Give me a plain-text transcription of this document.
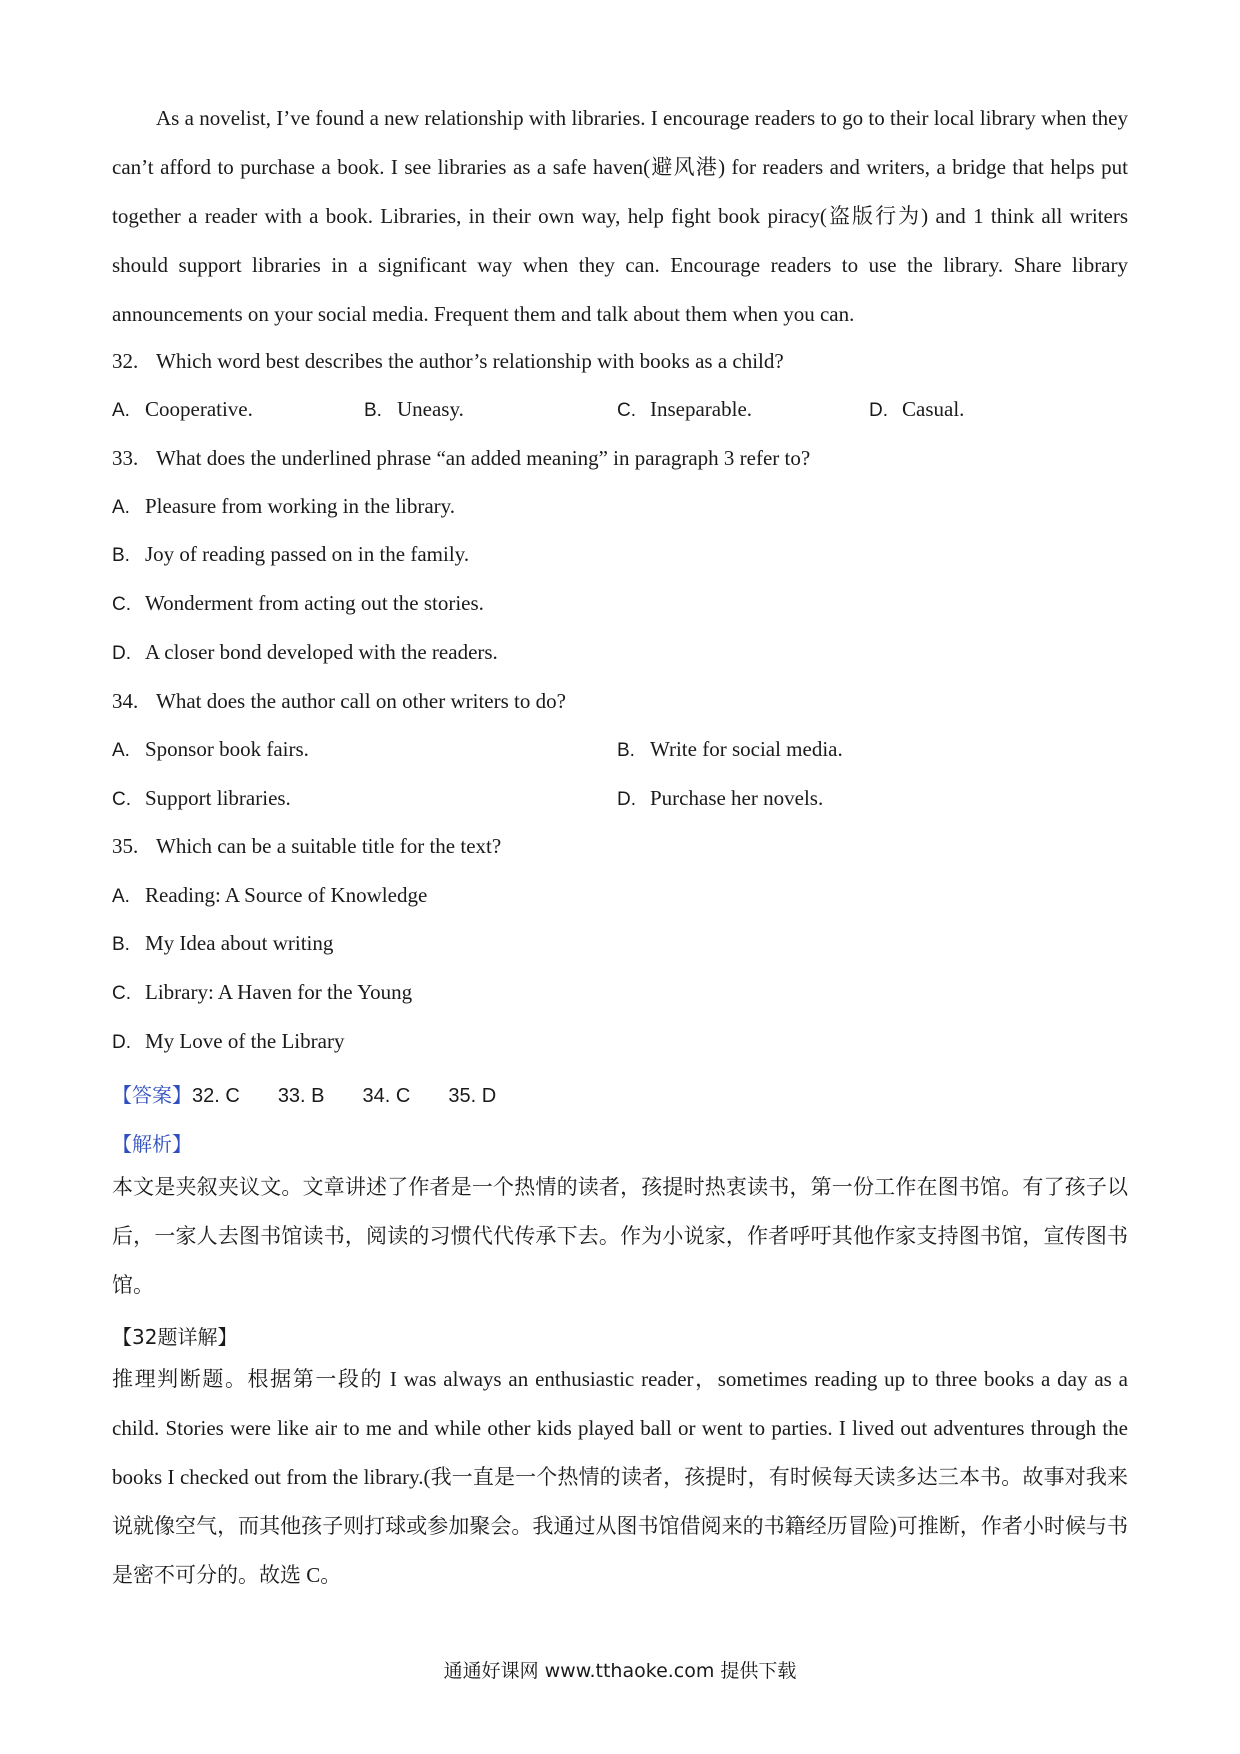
As a novelist, I’ve found a new relationship with libraries. I encourage readers to go to their local library when they can’t afford to purchase a book. I see libraries as a safe haven(避风港) for readers and writers, a bridge that helps put together a reader with a book. Libraries, in their own way, help fight book piracy(盗版行为) and 1 think all writers should support libraries in a significant way when they can. Encourage readers to use the library. Share library announcements on your social media. Frequent them and talk about them when you can.

32. Which word best describes the author’s relationship with books as a child?
A. Cooperative.	B. Uneasy.	C. Inseparable.	D. Casual.
33. What does the underlined phrase “an added meaning” in paragraph 3 refer to?
A. Pleasure from working in the library.
B. Joy of reading passed on in the family.
C. Wonderment from acting out the stories.
D. A closer bond developed with the readers.
34. What does the author call on other writers to do?
A. Sponsor book fairs.	B. Write for social media.
C. Support libraries.	D. Purchase her novels.
35. Which can be a suitable title for the text?
A. Reading: A Source of Knowledge
B. My Idea about writing
C. Library: A Haven for the Young
D. My Love of the Library
【答案】32. C 33. B 34. C 35. D
【解析】

本文是夹叙夹议文。文章讲述了作者是一个热情的读者，孩提时热衷读书，第一份工作在图书馆。有了孩子以后，一家人去图书馆读书，阅读的习惯代代传承下去。作为小说家，作者呼吁其他作家支持图书馆，宣传图书馆。

【32题详解】

推理判断题。根据第一段的 I was always an enthusiastic reader，sometimes reading up to three books a day as a child. Stories were like air to me and while other kids played ball or went to parties. I lived out adventures through the books I checked out from the library.(我一直是一个热情的读者，孩提时，有时候每天读多达三本书。故事对我来说就像空气，而其他孩子则打球或参加聚会。我通过从图书馆借阅来的书籍经历冒险)可推断，作者小时候与书是密不可分的。故选 C。

通通好课网 www.tthaoke.com 提供下载
